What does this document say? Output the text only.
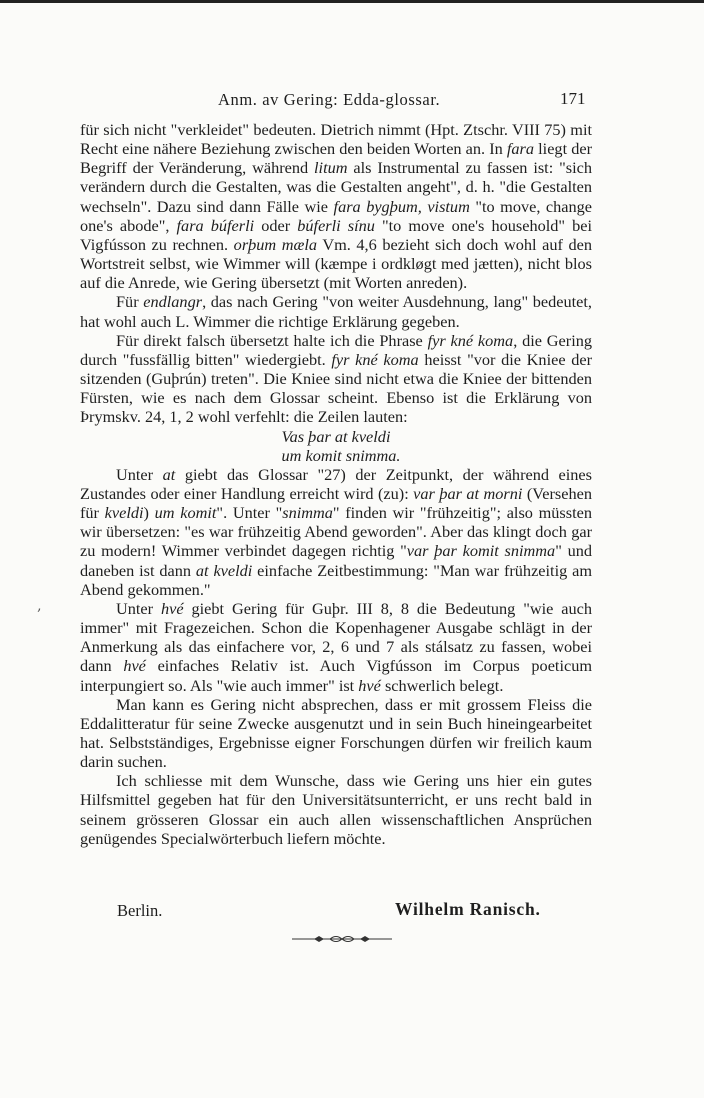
Anm. av Gering: Edda-glossar.	171

für sich nicht "verkleidet" bedeuten. Dietrich nimmt (Hpt. Ztschr. VIII 75) mit Recht eine nähere Beziehung zwischen den beiden Worten an. In fara liegt der Begriff der Veränderung, während litum als Instrumental zu fassen ist: "sich verändern durch die Gestalten, was die Gestalten angeht", d. h. "die Gestalten wechseln". Dazu sind dann Fälle wie fara bygþum, vistum "to move, change one's abode", fara búferli oder búferli sínu "to move one's household" bei Vigfússon zu rechnen. orþum mæla Vm. 4,6 bezieht sich doch wohl auf den Wortstreit selbst, wie Wimmer will (kæmpe i ordkløgt med jætten), nicht blos auf die Anrede, wie Gering übersetzt (mit Worten anreden).

Für endlangr, das nach Gering "von weiter Ausdehnung, lang" bedeutet, hat wohl auch L. Wimmer die richtige Erklärung gegeben.

Für direkt falsch übersetzt halte ich die Phrase fyr kné koma, die Gering durch "fussfällig bitten" wiedergiebt. fyr kné koma heisst "vor die Kniee der sitzenden (Guþrún) treten". Die Kniee sind nicht etwa die Kniee der bittenden Fürsten, wie es nach dem Glossar scheint. Ebenso ist die Erklärung von Þrymskv. 24, 1, 2 wohl verfehlt: die Zeilen lauten:

Vas þar at kveldi
um komit snimma.

Unter at giebt das Glossar "27) der Zeitpunkt, der während eines Zustandes oder einer Handlung erreicht wird (zu): var þar at morni (Versehen für kveldi) um komit". Unter "snimma" finden wir "frühzeitig"; also müssten wir übersetzen: "es war frühzeitig Abend geworden". Aber das klingt doch gar zu modern! Wimmer verbindet dagegen richtig "var þar komit snimma" und daneben ist dann at kveldi einfache Zeitbestimmung: "Man war frühzeitig am Abend gekommen."

Unter hvé giebt Gering für Guþr. III 8, 8 die Bedeutung "wie auch immer" mit Fragezeichen. Schon die Kopenhagener Ausgabe schlägt in der Anmerkung als das einfachere vor, 2, 6 und 7 als stálsatz zu fassen, wobei dann hvé einfaches Relativ ist. Auch Vigfússon im Corpus poeticum interpungiert so. Als "wie auch immer" ist hvé schwerlich belegt.

Man kann es Gering nicht absprechen, dass er mit grossem Fleiss die Eddalitteratur für seine Zwecke ausgenutzt und in sein Buch hineingearbeitet hat. Selbstständiges, Ergebnisse eigner Forschungen dürfen wir freilich kaum darin suchen.

Ich schliesse mit dem Wunsche, dass wie Gering uns hier ein gutes Hilfsmittel gegeben hat für den Universitätsunterricht, er uns recht bald in seinem grösseren Glossar ein auch allen wissenschaftlichen Ansprüchen genügendes Specialwörterbuch liefern möchte.

‚
Berlin.	Wilhelm Ranisch.
